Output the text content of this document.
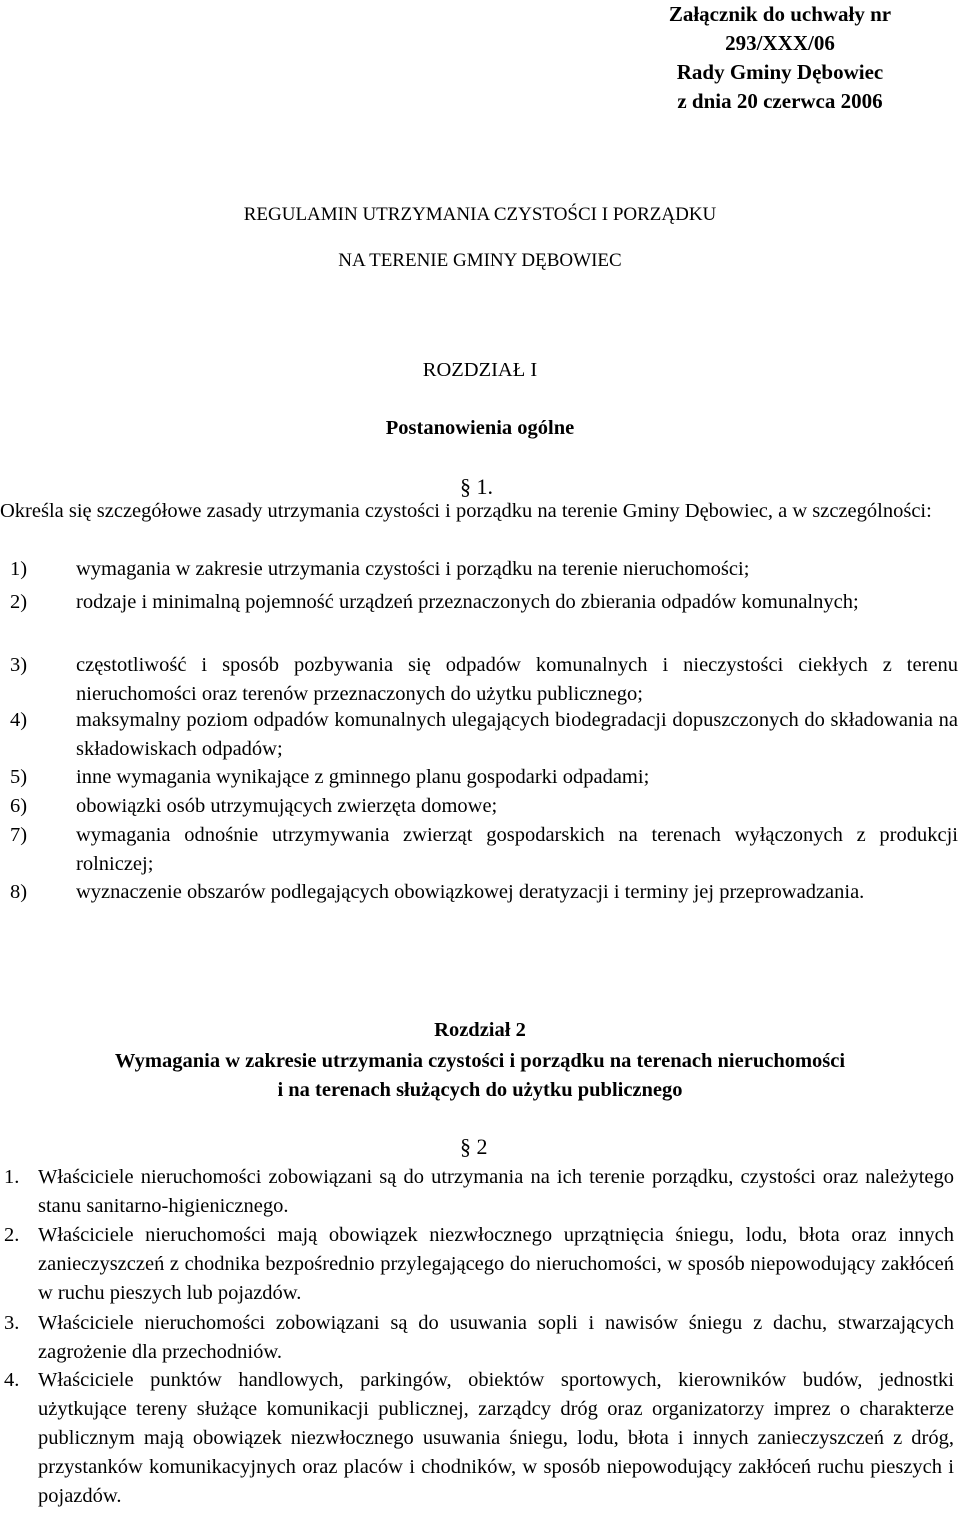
Załącznik do uchwały nr
293/XXX/06
Rady Gminy Dębowiec
z dnia 20 czerwca 2006
REGULAMIN UTRZYMANIA CZYSTOŚCI I PORZĄDKU
NA TERENIE GMINY DĘBOWIEC
ROZDZIAŁ I
Postanowienia ogólne
§ 1.
Określa się szczegółowe zasady utrzymania czystości i porządku na terenie Gminy Dębowiec, a w szczególności:
1)	wymagania w zakresie utrzymania czystości i porządku na terenie nieruchomości;
2)	rodzaje i minimalną pojemność urządzeń przeznaczonych do zbierania odpadów komunalnych;
3)	częstotliwość i sposób pozbywania się odpadów komunalnych i nieczystości ciekłych z terenu nieruchomości oraz terenów przeznaczonych do użytku publicznego;
4)	maksymalny poziom odpadów komunalnych ulegających biodegradacji dopuszczonych do składowania na składowiskach odpadów;
5)	inne wymagania wynikające z gminnego planu gospodarki odpadami;
6)	obowiązki osób utrzymujących zwierzęta domowe;
7)	wymagania odnośnie utrzymywania zwierząt gospodarskich na terenach wyłączonych z produkcji rolniczej;
8)	wyznaczenie obszarów podlegających obowiązkowej deratyzacji i terminy jej przeprowadzania.
Rozdział 2
Wymagania w zakresie utrzymania czystości i porządku na terenach nieruchomości
i na terenach służących do użytku publicznego
§ 2
1. Właściciele nieruchomości zobowiązani są do utrzymania na ich terenie porządku, czystości oraz należytego stanu sanitarno-higienicznego.
2. Właściciele nieruchomości mają obowiązek niezwłocznego uprzątnięcia śniegu, lodu, błota oraz innych zanieczyszczeń z chodnika bezpośrednio przylegającego do nieruchomości, w sposób niepowodujący zakłóceń w ruchu pieszych lub pojazdów.
3. Właściciele nieruchomości zobowiązani są do usuwania sopli i nawisów śniegu z dachu, stwarzających zagrożenie dla przechodniów.
4. Właściciele punktów handlowych, parkingów, obiektów sportowych, kierowników budów, jednostki użytkujące tereny służące komunikacji publicznej, zarządcy dróg oraz organizatorzy imprez o charakterze publicznym mają obowiązek niezwłocznego usuwania śniegu, lodu, błota i innych zanieczyszczeń z dróg, przystanków komunikacyjnych oraz placów i chodników, w sposób niepowodujący zakłóceń ruchu pieszych i pojazdów.
